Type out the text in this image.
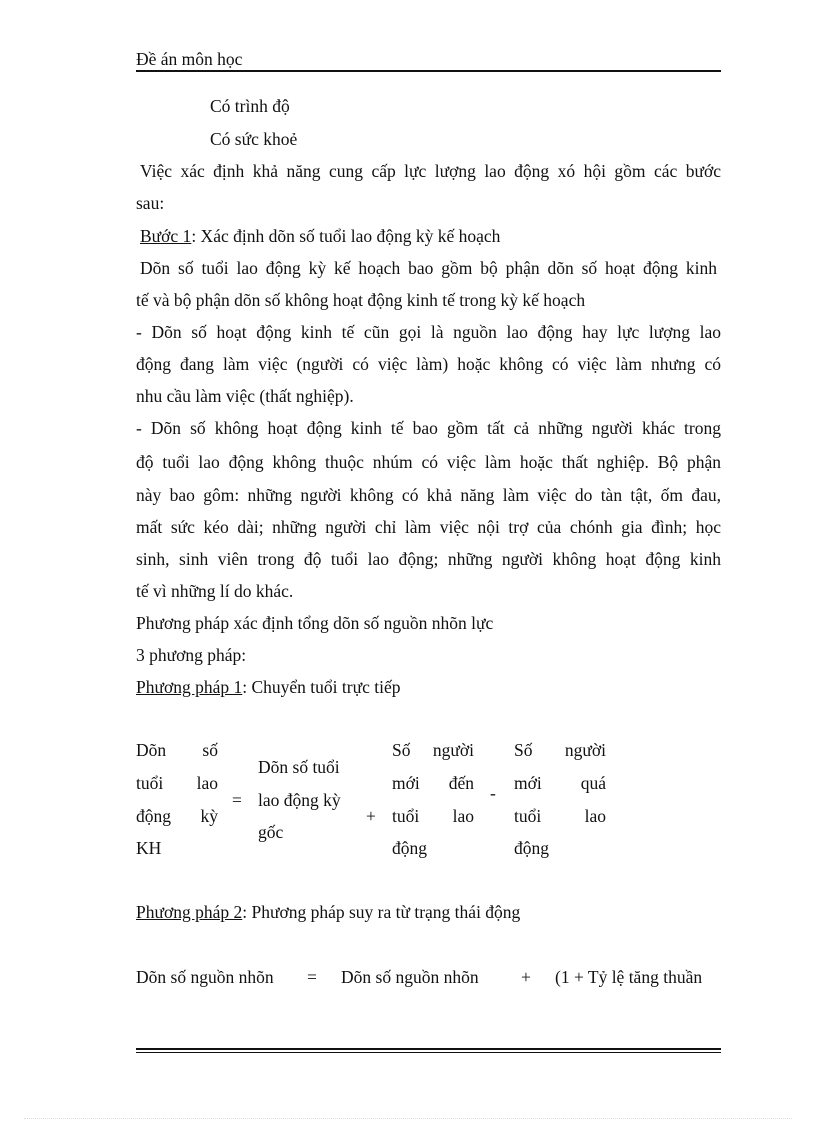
Đề án môn học
Có trình độ
Có sức khoẻ
Việc xác định khả năng cung cấp lực lượng lao động xó hội gồm các bước
sau:
Bước 1: Xác định dõn số tuổi lao động kỳ kế hoạch
Dõn số tuổi lao động kỳ kế hoạch bao gồm bộ phận dõn số hoạt động kinh
tế và bộ phận dõn số không hoạt động kinh tế trong kỳ kế hoạch
- Dõn số hoạt động kinh tế cũn gọi là nguồn lao động hay lực lượng lao
động đang làm việc (người có việc làm) hoặc không có việc làm nhưng có
nhu cầu làm việc (thất nghiệp).
- Dõn số không hoạt động kinh tế bao gồm tất cả những người khác trong
độ tuổi lao động không thuộc nhúm có việc làm hoặc thất nghiệp. Bộ phận
này bao gôm: những người không có khả năng làm việc do tàn tật, ốm đau,
mất sức kéo dài; những người chỉ làm việc nội trợ của chónh gia đình; học
sinh, sinh viên trong độ tuổi lao động; những người không hoạt động kinh
tế vì những lí do khác.
Phương pháp xác định tổng dõn số nguồn nhõn lực
3 phương pháp:
Phương pháp 1: Chuyển tuổi trực tiếp
Dõn số
tuổi lao
động kỳ
KH
=
Dõn số tuổi
lao động kỳ
gốc
+
Số người
mới đến
tuổi lao
động
-
Số người
mới quá
tuổi lao
động
Phương pháp 2: Phương pháp suy ra từ trạng thái động
Dõn số nguồn nhõn = Dõn số nguồn nhõn + (1 + Tỷ lệ tăng thuần
